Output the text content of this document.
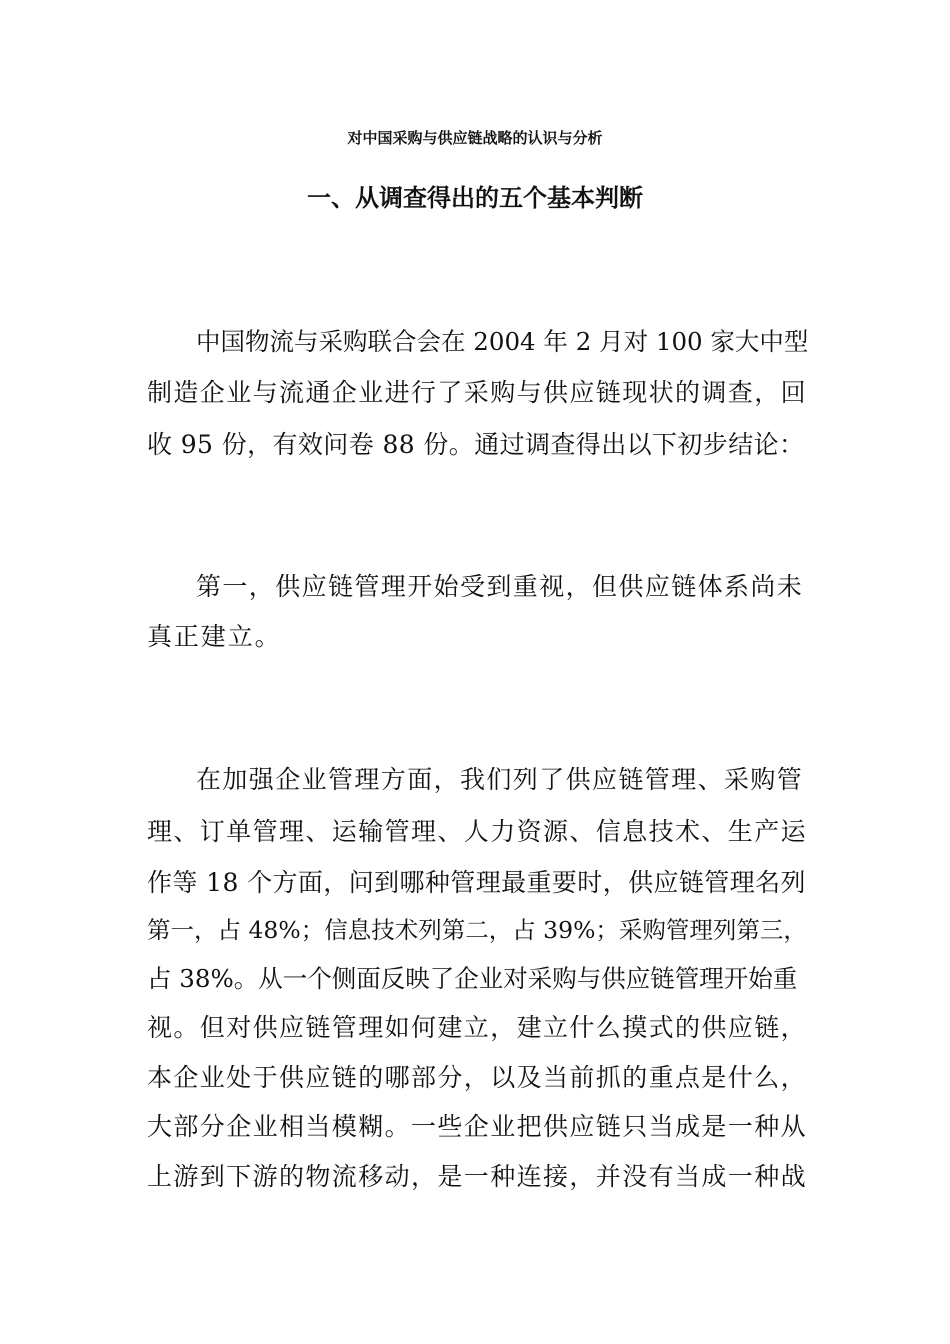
对中国采购与供应链战略的认识与分析
一、从调查得出的五个基本判断

中国物流与采购联合会在 2004 年 2 月对 100 家大中型

制造企业与流通企业进行了采购与供应链现状的调查，回

收 95 份，有效问卷 88 份。通过调查得出以下初步结论：

第一，供应链管理开始受到重视，但供应链体系尚未

真正建立。

在加强企业管理方面，我们列了供应链管理、采购管

理、订单管理、运输管理、人力资源、信息技术、生产运

作等 18 个方面，问到哪种管理最重要时，供应链管理名列

第一，占 48%；信息技术列第二，占 39%；采购管理列第三，

占 38%。从一个侧面反映了企业对采购与供应链管理开始重

视。但对供应链管理如何建立，建立什么摸式的供应链，

本企业处于供应链的哪部分，以及当前抓的重点是什么，

大部分企业相当模糊。一些企业把供应链只当成是一种从

上游到下游的物流移动，是一种连接，并没有当成一种战
